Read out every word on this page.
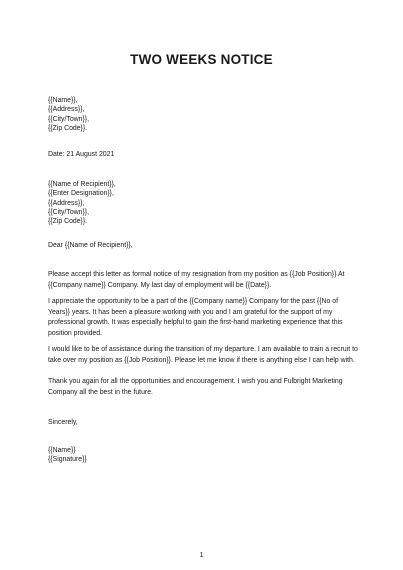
TWO WEEKS NOTICE
{{Name}},
{{Address}},
{{City/Town}},
{{Zip Code}}.
Date: 21 August 2021
{{Name of Recipient}},
{{Enter Designation}},
{{Address}},
{{City/Town}},
{{Zip Code}}.
Dear {{Name of Recipient}},
Please accept this letter as formal notice of my resignation from my position as {{Job Position}} At {{Company name}} Company. My last day of employment will be {{Date}}.
I appreciate the opportunity to be a part of the {{Company name}} Company for the past {{No of Years}} years. It has been a pleasure working with you and I am grateful for the support of my professional growth. It was especially helpful to gain the first-hand marketing experience that this position provided.
I would like to be of assistance during the transition of my departure. I am available to train a recruit to take over my position as {{Job Position}}. Please let me know if there is anything else I can help with.
Thank you again for all the opportunities and encouragement. I wish you and Fulbright Marketing Company all the best in the future.
Sincerely,
{{Name}}
{{Signature}}
1
